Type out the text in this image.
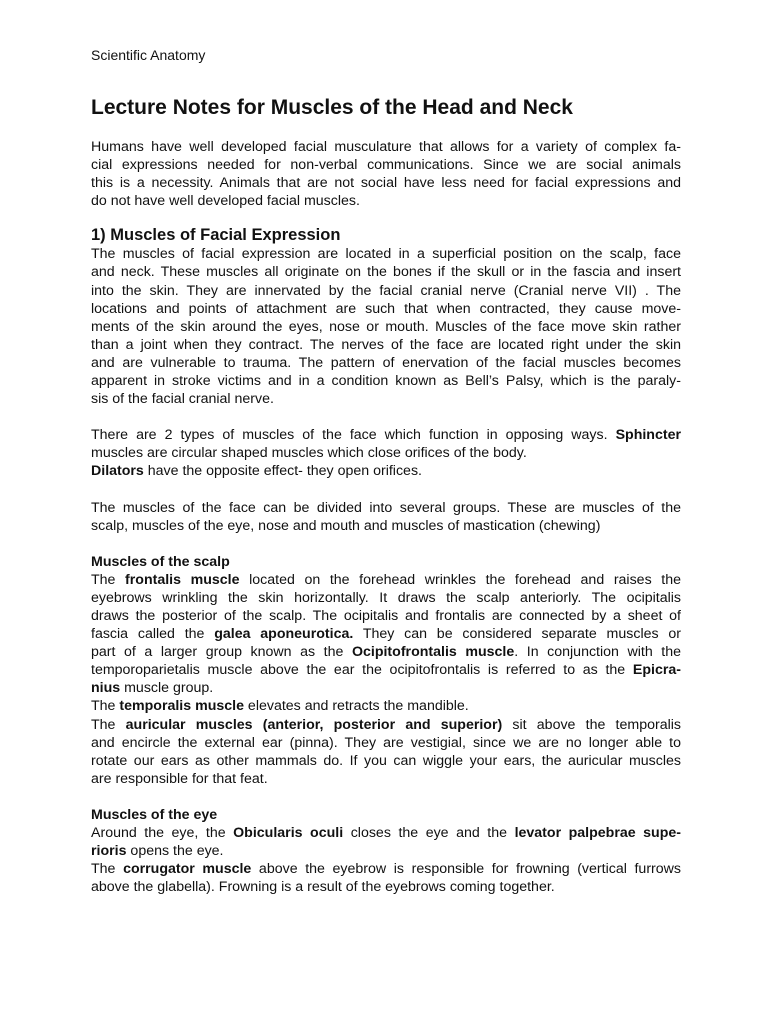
Scientific Anatomy
Lecture Notes for Muscles of the Head and Neck

Humans have well developed facial musculature that allows for a variety of complex fa-
cial expressions needed for non-verbal communications. Since we are social animals
this is a necessity. Animals that are not social have less need for facial expressions and
do not have well developed facial muscles.

1) Muscles of Facial Expression

The muscles of facial expression are located in a superficial position on the scalp, face
and neck. These muscles all originate on the bones if the skull or in the fascia and insert
into the skin. They are innervated by the facial cranial nerve (Cranial nerve VII) . The
locations and points of attachment are such that when contracted, they cause move-
ments of the skin around the eyes, nose or mouth. Muscles of the face move skin rather
than a joint when they contract. The nerves of the face are located right under the skin
and are vulnerable to trauma. The pattern of enervation of the facial muscles becomes
apparent in stroke victims and in a condition known as Bell’s Palsy, which is the paraly-
sis of the facial cranial nerve.

There are 2 types of muscles of the face which function in opposing ways. Sphincter
muscles are circular shaped muscles which close orifices of the body.
Dilators have the opposite effect- they open orifices.

The muscles of the face can be divided into several groups. These are muscles of the
scalp, muscles of the eye, nose and mouth and muscles of mastication (chewing)

Muscles of the scalp

The frontalis muscle located on the forehead wrinkles the forehead and raises the
eyebrows wrinkling the skin horizontally. It draws the scalp anteriorly. The ocipitalis
draws the posterior of the scalp. The ocipitalis and frontalis are connected by a sheet of
fascia called the galea aponeurotica. They can be considered separate muscles or
part of a larger group known as the Ocipitofrontalis muscle. In conjunction with the
temporoparietalis muscle above the ear the ocipitofrontalis is referred to as the Epicra-
nius muscle group.
The temporalis muscle elevates and retracts the mandible.
The auricular muscles (anterior, posterior and superior) sit above the temporalis
and encircle the external ear (pinna). They are vestigial, since we are no longer able to
rotate our ears as other mammals do. If you can wiggle your ears, the auricular muscles
are responsible for that feat.

Muscles of the eye

Around the eye, the Obicularis oculi closes the eye and the levator palpebrae supe-
rioris opens the eye.
The corrugator muscle above the eyebrow is responsible for frowning (vertical furrows
above the glabella). Frowning is a result of the eyebrows coming together.
